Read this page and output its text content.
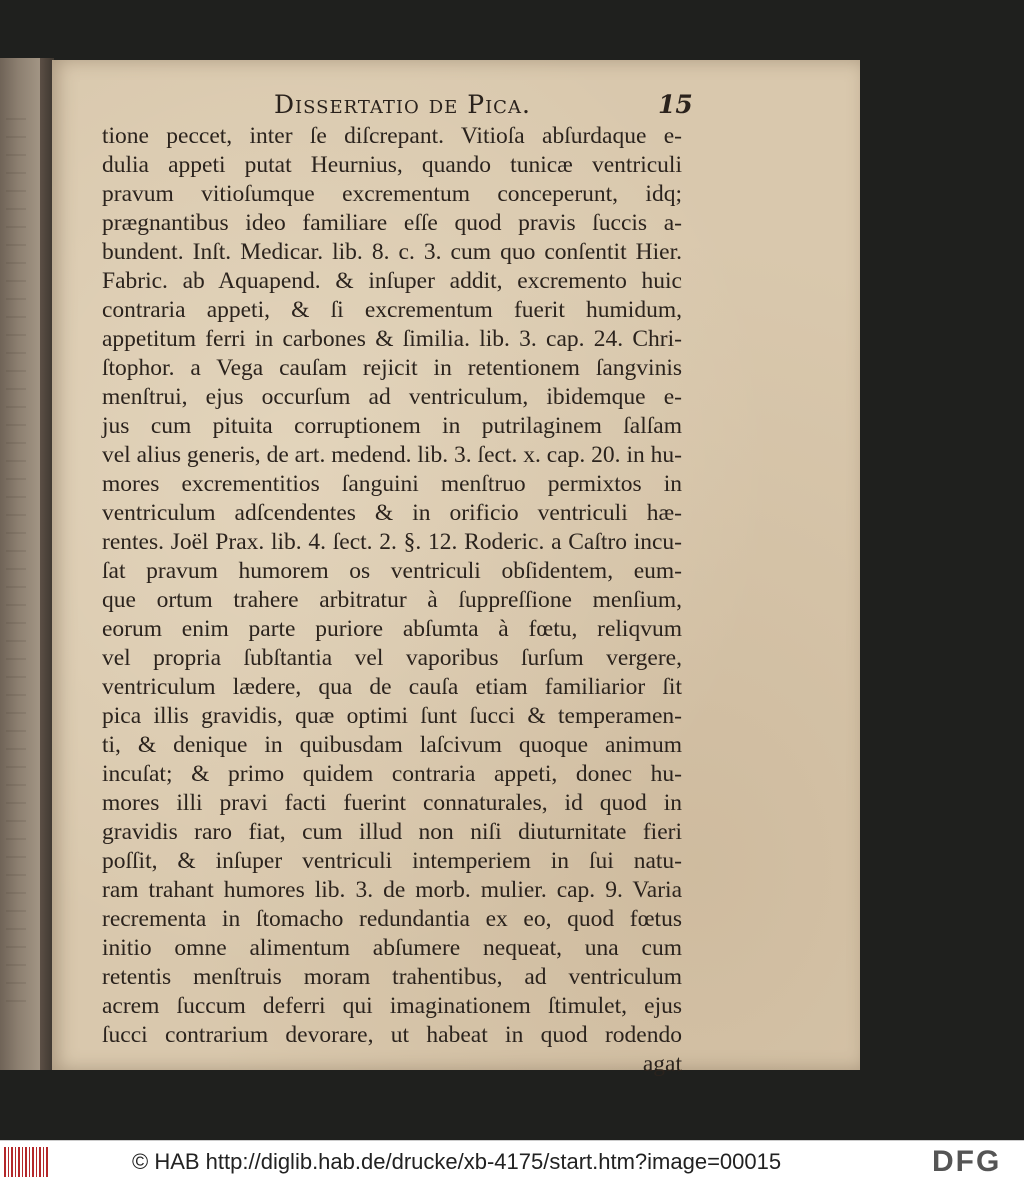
Dissertatio de Pica.	15
tione peccet, inter ſe diſcrepant. Vitioſa abſurdaque e-
dulia appeti putat Heurnius, quando tunicæ ventriculi
pravum vitioſumque excrementum conceperunt, idq;
prægnantibus ideo familiare eſſe quod pravis ſuccis a-
bundent. Inſt. Medicar. lib. 8. c. 3. cum quo conſentit Hier.
Fabric. ab Aquapend. & inſuper addit, excremento huic
contraria appeti, & ſi excrementum fuerit humidum,
appetitum ferri in carbones & ſimilia. lib. 3. cap. 24. Chri-
ſtophor. a Vega cauſam rejicit in retentionem ſangvinis
menſtrui, ejus occurſum ad ventriculum, ibidemque e-
jus cum pituita corruptionem in putrilaginem ſalſam
vel alius generis, de art. medend. lib. 3. ſect. x. cap. 20. in hu-
mores excrementitios ſanguini menſtruo permixtos in
ventriculum adſcendentes & in orificio ventriculi hæ-
rentes. Joël Prax. lib. 4. ſect. 2. §. 12. Roderic. a Caſtro incu-
ſat pravum humorem os ventriculi obſidentem, eum-
que ortum trahere arbitratur à ſuppreſſione menſium,
eorum enim parte puriore abſumta à fœtu, reliqvum
vel propria ſubſtantia vel vaporibus ſurſum vergere,
ventriculum lædere, qua de cauſa etiam familiarior ſit
pica illis gravidis, quæ optimi ſunt ſucci & temperamen-
ti, & denique in quibusdam laſcivum quoque animum
incuſat; & primo quidem contraria appeti, donec hu-
mores illi pravi facti fuerint connaturales, id quod in
gravidis raro fiat, cum illud non niſi diuturnitate fieri
poſſit, & inſuper ventriculi intemperiem in ſui natu-
ram trahant humores lib. 3. de morb. mulier. cap. 9. Varia
recrementa in ſtomacho redundantia ex eo, quod fœtus
initio omne alimentum abſumere nequeat, una cum
retentis menſtruis moram trahentibus, ad ventriculum
acrem ſuccum deferri qui imaginationem ſtimulet, ejus
ſucci contrarium devorare, ut habeat in quod rodendo
agat
© HAB http://diglib.hab.de/drucke/xb-4175/start.htm?image=00015	DFG
